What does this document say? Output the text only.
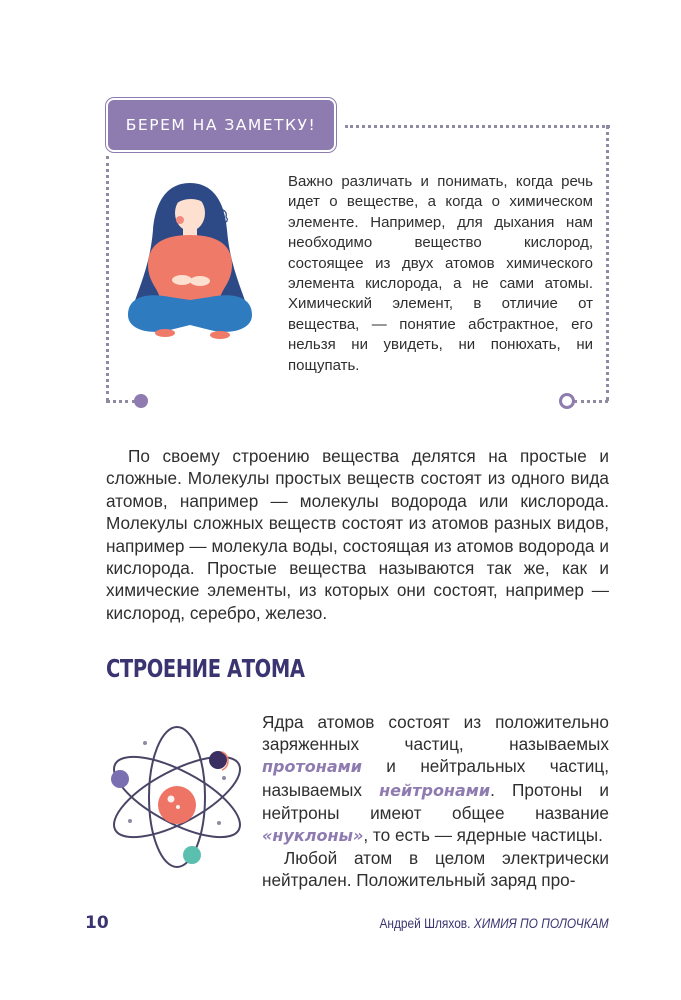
БЕРЕМ НА ЗАМЕТКУ!

Важно различать и понимать, когда речь идет о веществе, а когда о химическом элементе. Например, для дыхания нам необходимо вещество кислород, состоящее из двух атомов химического элемента кислорода, а не сами атомы. Химический элемент, в отличие от вещества, — понятие абстрактное, его нельзя ни увидеть, ни понюхать, ни пощупать.

По своему строению вещества делятся на простые и сложные. Молекулы простых веществ состоят из одного вида атомов, например — молекулы водорода или кислорода. Молекулы сложных веществ состоят из атомов разных видов, например — молекула воды, состоящая из атомов водорода и кислорода. Простые вещества называются так же, как и химические элементы, из которых они состоят, например — кислород, серебро, железо.

СТРОЕНИЕ АТОМА

Ядра атомов состоят из положительно заряженных частиц, называемых протонами и нейтральных частиц, называемых нейтронами. Протоны и нейтроны имеют общее название «нуклоны», то есть — ядерные частицы.

Любой атом в целом электрически нейтрален. Положительный заряд про-

10	Андрей Шляхов. ХИМИЯ ПО ПОЛОЧКАМ
